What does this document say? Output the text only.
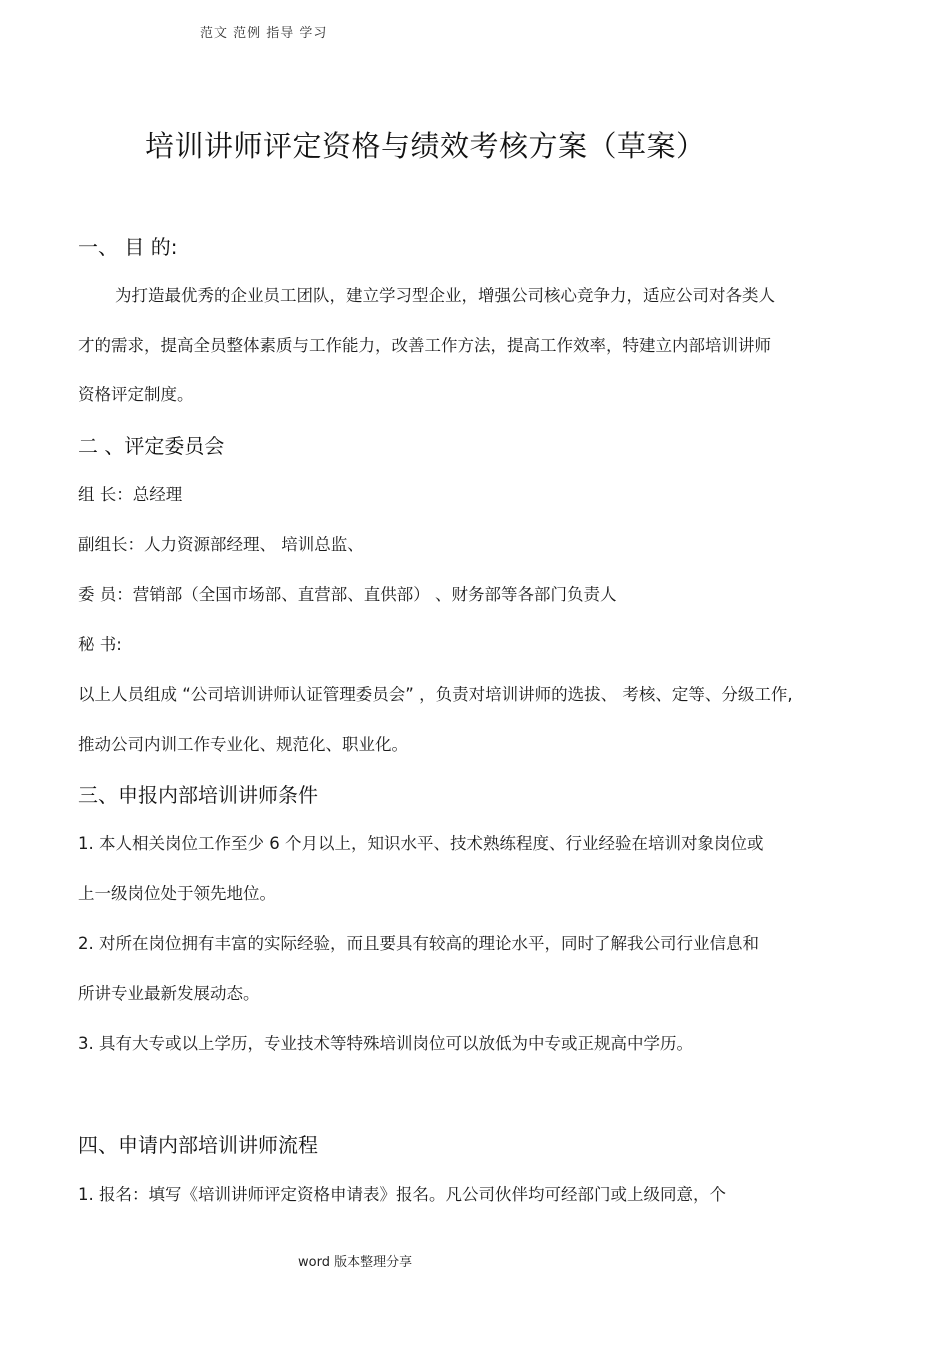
范文 范例 指导 学习
培训讲师评定资格与绩效考核方案（草案）
一、 目 的:
为打造最优秀的企业员工团队，建立学习型企业，增强公司核心竞争力，适应公司对各类人
才的需求，提高全员整体素质与工作能力，改善工作方法，提高工作效率，特建立内部培训讲师
资格评定制度。
二 、评定委员会
组 长：总经理
副组长：人力资源部经理、 培训总监、
委 员：营销部（全国市场部、直营部、直供部） 、财务部等各部门负责人
秘 书:
以上人员组成 “公司培训讲师认证管理委员会” ，负责对培训讲师的选拔、 考核、定等、分级工作,
推动公司内训工作专业化、规范化、职业化。
三、申报内部培训讲师条件
1. 本人相关岗位工作至少 6 个月以上，知识水平、技术熟练程度、行业经验在培训对象岗位或
上一级岗位处于领先地位。
2. 对所在岗位拥有丰富的实际经验，而且要具有较高的理论水平，同时了解我公司行业信息和
所讲专业最新发展动态。
3. 具有大专或以上学历，专业技术等特殊培训岗位可以放低为中专或正规高中学历。
四、申请内部培训讲师流程
1. 报名：填写《培训讲师评定资格申请表》报名。凡公司伙伴均可经部门或上级同意，个
word 版本整理分享
